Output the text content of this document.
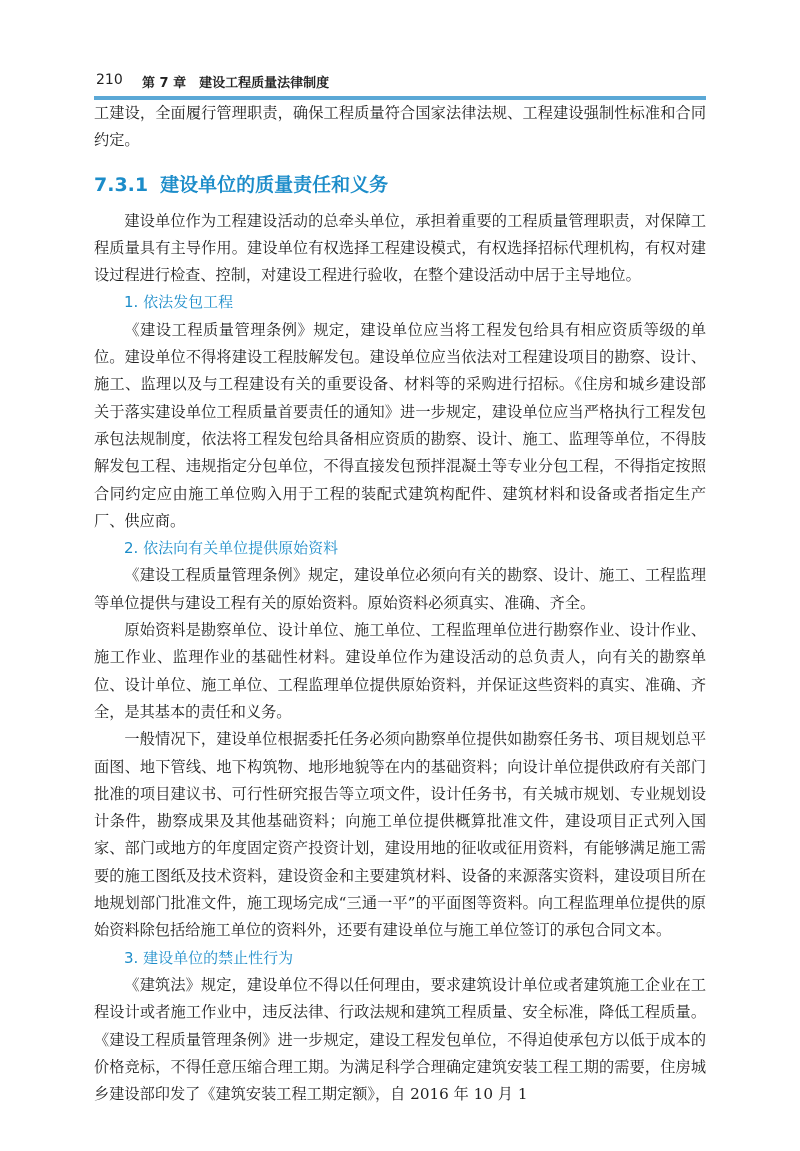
210 第 7 章　建设工程质量法律制度

工建设，全面履行管理职责，确保工程质量符合国家法律法规、工程建设强制性标准和合同约定。

7.3.1 建设单位的质量责任和义务

建设单位作为工程建设活动的总牵头单位，承担着重要的工程质量管理职责，对保障工程质量具有主导作用。建设单位有权选择工程建设模式，有权选择招标代理机构，有权对建设过程进行检查、控制，对建设工程进行验收，在整个建设活动中居于主导地位。

1. 依法发包工程

《建设工程质量管理条例》规定，建设单位应当将工程发包给具有相应资质等级的单位。建设单位不得将建设工程肢解发包。建设单位应当依法对工程建设项目的勘察、设计、施工、监理以及与工程建设有关的重要设备、材料等的采购进行招标。《住房和城乡建设部关于落实建设单位工程质量首要责任的通知》进一步规定，建设单位应当严格执行工程发包承包法规制度，依法将工程发包给具备相应资质的勘察、设计、施工、监理等单位，不得肢解发包工程、违规指定分包单位，不得直接发包预拌混凝土等专业分包工程，不得指定按照合同约定应由施工单位购入用于工程的装配式建筑构配件、建筑材料和设备或者指定生产厂、供应商。

2. 依法向有关单位提供原始资料

《建设工程质量管理条例》规定，建设单位必须向有关的勘察、设计、施工、工程监理等单位提供与建设工程有关的原始资料。原始资料必须真实、准确、齐全。

原始资料是勘察单位、设计单位、施工单位、工程监理单位进行勘察作业、设计作业、施工作业、监理作业的基础性材料。建设单位作为建设活动的总负责人，向有关的勘察单位、设计单位、施工单位、工程监理单位提供原始资料，并保证这些资料的真实、准确、齐全，是其基本的责任和义务。

一般情况下，建设单位根据委托任务必须向勘察单位提供如勘察任务书、项目规划总平面图、地下管线、地下构筑物、地形地貌等在内的基础资料；向设计单位提供政府有关部门批准的项目建议书、可行性研究报告等立项文件，设计任务书，有关城市规划、专业规划设计条件，勘察成果及其他基础资料；向施工单位提供概算批准文件，建设项目正式列入国家、部门或地方的年度固定资产投资计划，建设用地的征收或征用资料，有能够满足施工需要的施工图纸及技术资料，建设资金和主要建筑材料、设备的来源落实资料，建设项目所在地规划部门批准文件，施工现场完成“三通一平”的平面图等资料。向工程监理单位提供的原始资料除包括给施工单位的资料外，还要有建设单位与施工单位签订的承包合同文本。

3. 建设单位的禁止性行为

《建筑法》规定，建设单位不得以任何理由，要求建筑设计单位或者建筑施工企业在工程设计或者施工作业中，违反法律、行政法规和建筑工程质量、安全标准，降低工程质量。《建设工程质量管理条例》进一步规定，建设工程发包单位，不得迫使承包方以低于成本的价格竞标，不得任意压缩合理工期。为满足科学合理确定建筑安装工程工期的需要，住房城乡建设部印发了《建筑安装工程工期定额》，自 2016 年 10 月 1
